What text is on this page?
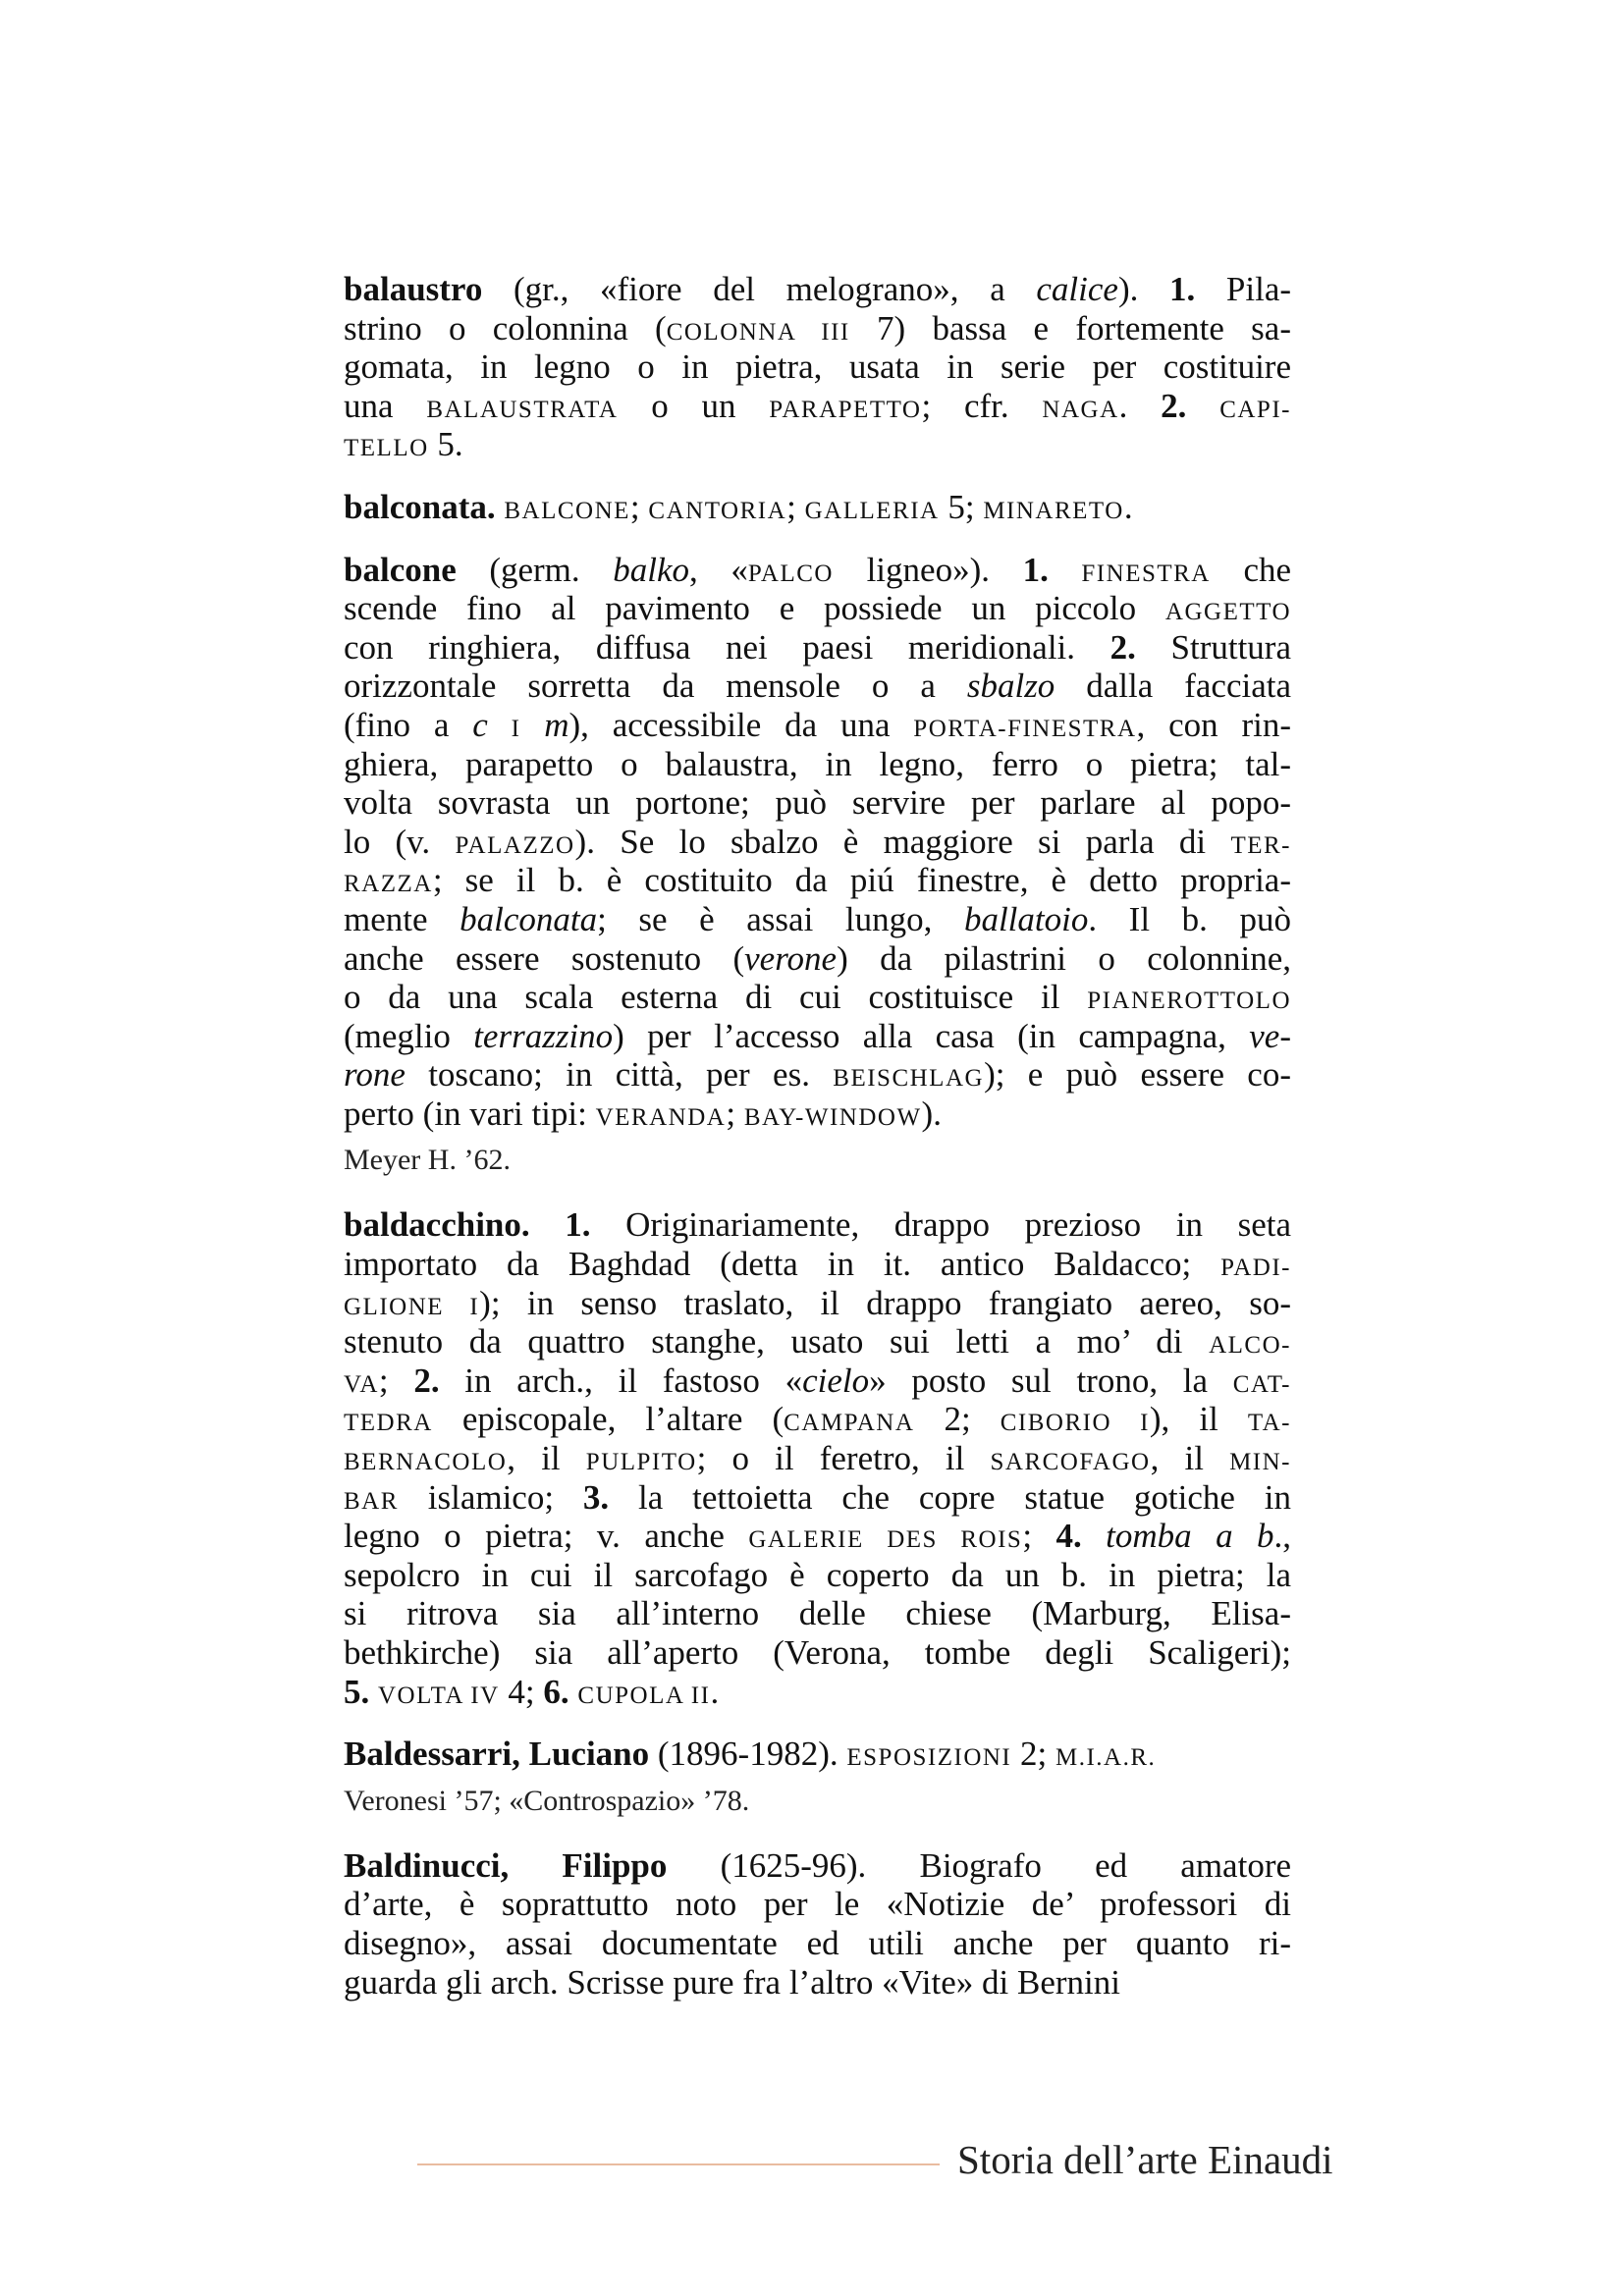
balaustro (gr., «fiore del melograno», a calice). 1. Pila-
strino o colonnina (COLONNA III 7) bassa e fortemente sa-
gomata, in legno o in pietra, usata in serie per costituire
una BALAUSTRATA o un PARAPETTO; cfr. NAGA. 2. CAPI-
TELLO 5.
balconata. BALCONE; CANTORIA; GALLERIA 5; MINARETO.
balcone (germ. balko, «PALCO ligneo»). 1. FINESTRA che
scende fino al pavimento e possiede un piccolo AGGETTO
con ringhiera, diffusa nei paesi meridionali. 2. Struttura
orizzontale sorretta da mensole o a sbalzo dalla facciata
(fino a c I m), accessibile da una PORTA-FINESTRA, con rin-
ghiera, parapetto o balaustra, in legno, ferro o pietra; tal-
volta sovrasta un portone; può servire per parlare al popo-
lo (v. PALAZZO). Se lo sbalzo è maggiore si parla di TER-
RAZZA; se il b. è costituito da piú finestre, è detto propria-
mente balconata; se è assai lungo, ballatoio. Il b. può
anche essere sostenuto (verone) da pilastrini o colonnine,
o da una scala esterna di cui costituisce il PIANEROTTOLO
(meglio terrazzino) per l’accesso alla casa (in campagna, ve-
rone toscano; in città, per es. BEISCHLAG); e può essere co-
perto (in vari tipi: VERANDA; BAY-WINDOW).
Meyer H. ’62.
baldacchino. 1. Originariamente, drappo prezioso in seta
importato da Baghdad (detta in it. antico Baldacco; PADI-
GLIONE I); in senso traslato, il drappo frangiato aereo, so-
stenuto da quattro stanghe, usato sui letti a mo’ di ALCO-
VA; 2. in arch., il fastoso «cielo» posto sul trono, la CAT-
TEDRA episcopale, l’altare (CAMPANA 2; CIBORIO I), il TA-
BERNACOLO, il PULPITO; o il feretro, il SARCOFAGO, il MIN-
BAR islamico; 3. la tettoietta che copre statue gotiche in
legno o pietra; v. anche GALERIE DES ROIS; 4. tomba a b.,
sepolcro in cui il sarcofago è coperto da un b. in pietra; la
si ritrova sia all’interno delle chiese (Marburg, Elisa-
bethkirche) sia all’aperto (Verona, tombe degli Scaligeri);
5. VOLTA IV 4; 6. CUPOLA II.
Baldessarri, Luciano (1896-1982). ESPOSIZIONI 2; M.I.A.R.
Veronesi ’57; «Controspazio» ’78.
Baldinucci, Filippo (1625-96). Biografo ed amatore
d’arte, è soprattutto noto per le «Notizie de’ professori di
disegno», assai documentate ed utili anche per quanto ri-
guarda gli arch. Scrisse pure fra l’altro «Vite» di Bernini
Storia dell’arte Einaudi
